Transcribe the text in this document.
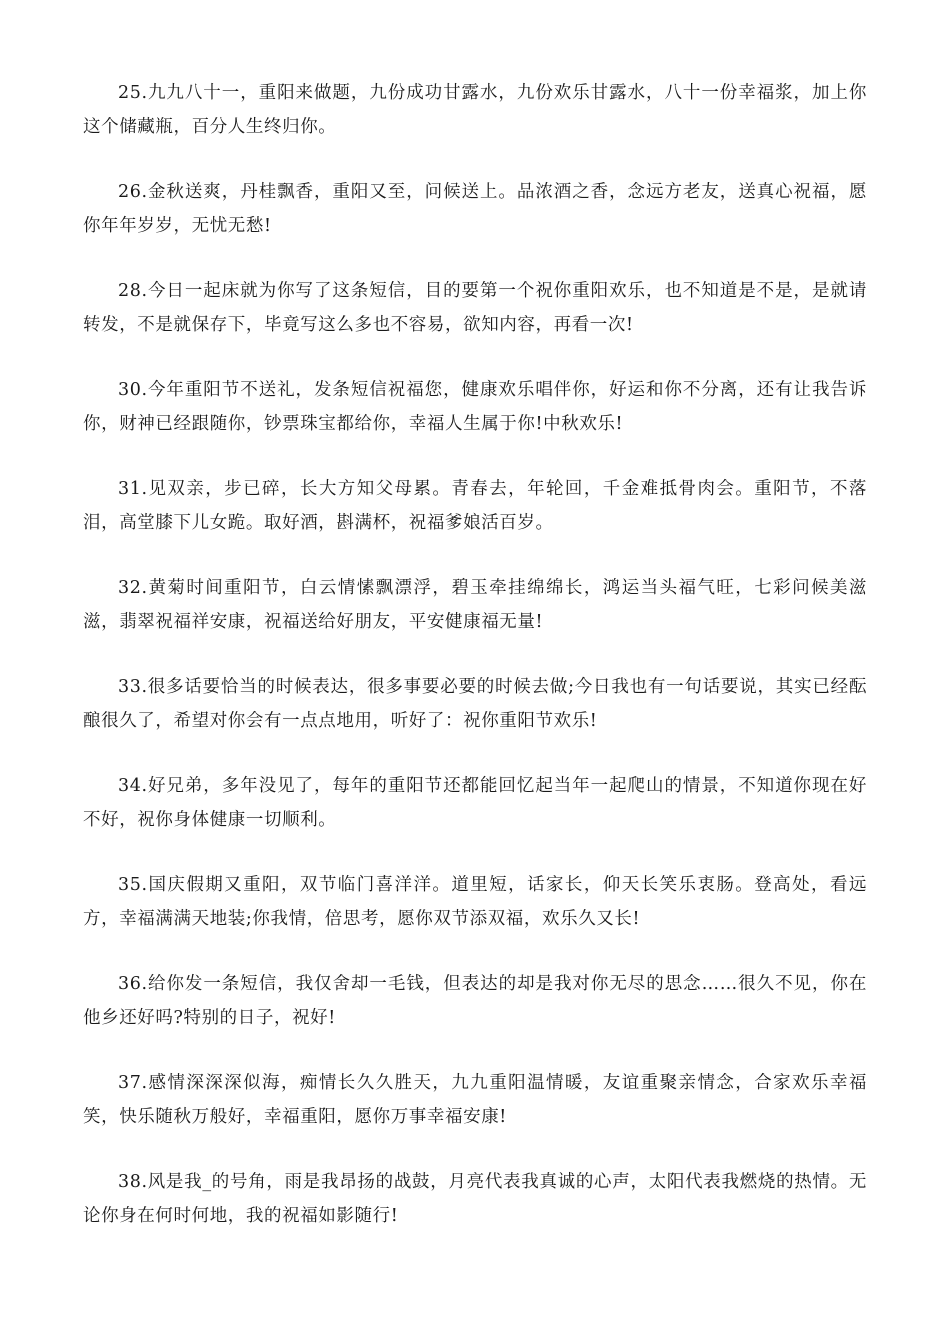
25.九九八十一，重阳来做题，九份成功甘露水，九份欢乐甘露水，八十一份幸福浆，加上你这个储藏瓶，百分人生终归你。

26.金秋送爽，丹桂飘香，重阳又至，问候送上。品浓酒之香，念远方老友，送真心祝福，愿你年年岁岁，无忧无愁!

28.今日一起床就为你写了这条短信，目的要第一个祝你重阳欢乐，也不知道是不是，是就请转发，不是就保存下，毕竟写这么多也不容易，欲知内容，再看一次!

30.今年重阳节不送礼，发条短信祝福您，健康欢乐唱伴你，好运和你不分离，还有让我告诉你，财神已经跟随你，钞票珠宝都给你，幸福人生属于你!中秋欢乐!

31.见双亲，步已碎，长大方知父母累。青春去，年轮回，千金难抵骨肉会。重阳节，不落泪，高堂膝下儿女跪。取好酒，斟满杯，祝福爹娘活百岁。

32.黄菊时间重阳节，白云情愫飘漂浮，碧玉牵挂绵绵长，鸿运当头福气旺，七彩问候美滋滋，翡翠祝福祥安康，祝福送给好朋友，平安健康福无量!

33.很多话要恰当的时候表达，很多事要必要的时候去做;今日我也有一句话要说，其实已经酝酿很久了，希望对你会有一点点地用，听好了：祝你重阳节欢乐!

34.好兄弟，多年没见了，每年的重阳节还都能回忆起当年一起爬山的情景，不知道你现在好不好，祝你身体健康一切顺利。

35.国庆假期又重阳，双节临门喜洋洋。道里短，话家长，仰天长笑乐衷肠。登高处，看远方，幸福满满天地装;你我情，倍思考，愿你双节添双福，欢乐久又长!

36.给你发一条短信，我仅舍却一毛钱，但表达的却是我对你无尽的思念……很久不见，你在他乡还好吗?特别的日子，祝好!

37.感情深深深似海，痴情长久久胜天，九九重阳温情暖，友谊重聚亲情念，合家欢乐幸福笑，快乐随秋万般好，幸福重阳，愿你万事幸福安康!

38.风是我_的号角，雨是我昂扬的战鼓，月亮代表我真诚的心声，太阳代表我燃烧的热情。无论你身在何时何地，我的祝福如影随行!
